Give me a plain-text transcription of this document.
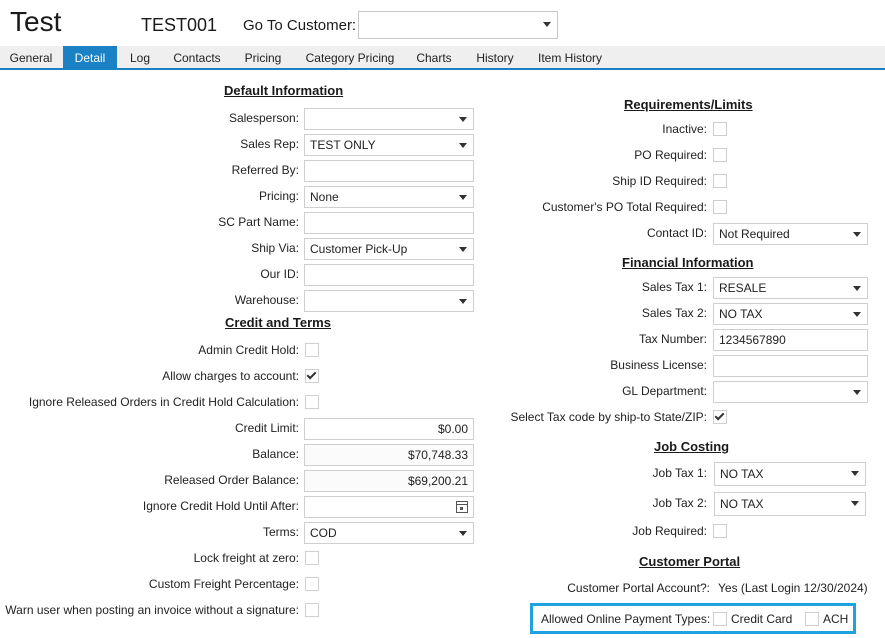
Test	TEST001 Go To Customer:
General	Detail	Log	Contacts	Pricing	Category Pricing	Charts	History	Item History
Default Information
Salesperson:
Sales Rep: TEST ONLY
Referred By:
Pricing: None
SC Part Name:
Ship Via: Customer Pick-Up
Our ID:
Warehouse:
Credit and Terms
Admin Credit Hold:
Allow charges to account:
Ignore Released Orders in Credit Hold Calculation:
Credit Limit:	$0.00
Balance:	$70,748.33
Released Order Balance:	$69,200.21
Ignore Credit Hold Until After:
Terms: COD
Lock freight at zero:
Custom Freight Percentage:
Warn user when posting an invoice without a signature:
Requirements/Limits
Inactive:
PO Required:
Ship ID Required:
Customer's PO Total Required:
Contact ID:	Not Required
Financial Information
Sales Tax 1:	RESALE
Sales Tax 2:	NO TAX
Tax Number:	1234567890
Business License:
GL Department:
Select Tax code by ship-to State/ZIP:
Job Costing
Job Tax 1:	NO TAX
Job Tax 2:	NO TAX
Job Required:
Customer Portal
Customer Portal Account?: Yes (Last Login 12/30/2024)
Allowed Online Payment Types: Credit Card	ACH
